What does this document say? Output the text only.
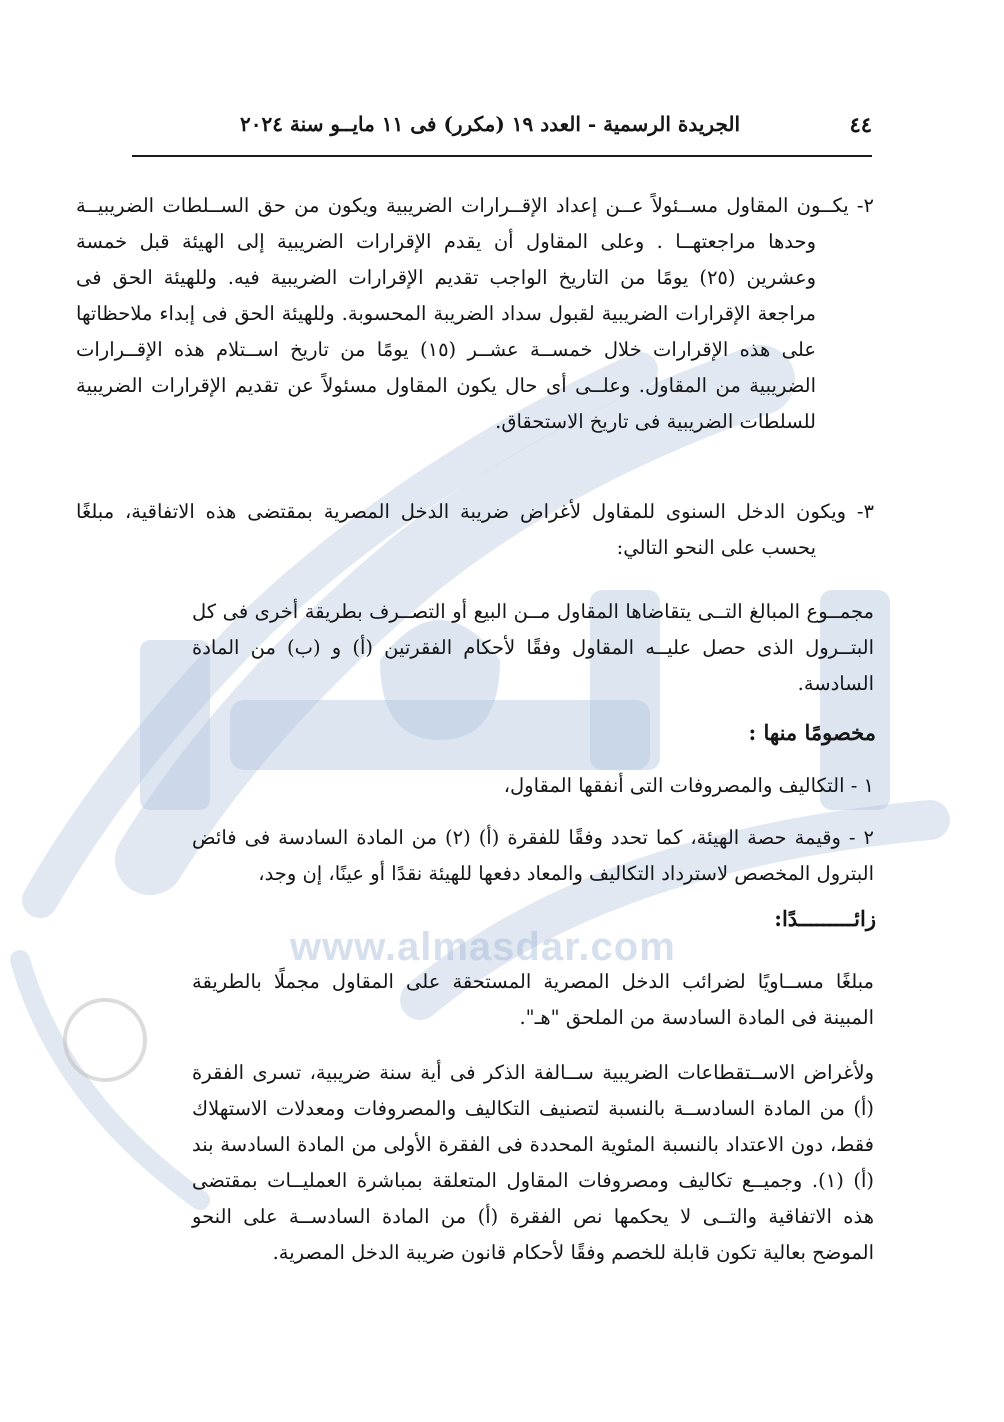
www.almasdar.com
٤٤
الجريدة الرسمية - العدد ١٩ (مكرر) فى ١١ مايــو سنة ٢٠٢٤
٢- يكــون المقاول مســئولاً عــن إعداد الإقــرارات الضريبية ويكون من حق الســلطات الضريبيــة وحدها مراجعتهــا . وعلى المقاول أن يقدم الإقرارات الضريبية إلى الهيئة قبل خمسة وعشرين (٢٥) يومًا من التاريخ الواجب تقديم الإقرارات الضريبية فيه. وللهيئة الحق فى مراجعة الإقرارات الضريبية لقبول سداد الضريبة المحسوبة. وللهيئة الحق فى إبداء ملاحظاتها على هذه الإقرارات خلال خمســة عشــر (١٥) يومًا من تاريخ اســتلام هذه الإقــرارات الضريبية من المقاول. وعلــى أى حال يكون المقاول مسئولاً عن تقديم الإقرارات الضريبية للسلطات الضريبية فى تاريخ الاستحقاق.
٣- ويكون الدخل السنوى للمقاول لأغراض ضريبة الدخل المصرية بمقتضى هذه الاتفاقية، مبلغًا يحسب على النحو التالي:
مجمــوع المبالغ التــى يتقاضاها المقاول مــن البيع أو التصــرف بطريقة أخرى فى كل البتــرول الذى حصل عليــه المقاول وفقًا لأحكام الفقرتين (أ) و (ب) من المادة السادسة.
مخصومًا منها :
١ - التكاليف والمصروفات التى أنفقها المقاول،
٢ - وقيمة حصة الهيئة، كما تحدد وفقًا للفقرة (أ) (٢) من المادة السادسة فى فائض البترول المخصص لاسترداد التكاليف والمعاد دفعها للهيئة نقدًا أو عينًا، إن وجد،
زائـــــــــدًا:
مبلغًا مســاويًا لضرائب الدخل المصرية المستحقة على المقاول مجملًا بالطريقة المبينة فى المادة السادسة من الملحق "هـ".
ولأغراض الاســتقطاعات الضريبية ســالفة الذكر فى أية سنة ضريبية، تسرى الفقرة (أ) من المادة السادســة بالنسبة لتصنيف التكاليف والمصروفات ومعدلات الاستهلاك فقط، دون الاعتداد بالنسبة المئوية المحددة فى الفقرة الأولى من المادة السادسة بند (أ) (١). وجميــع تكاليف ومصروفات المقاول المتعلقة بمباشرة العمليــات بمقتضى هذه الاتفاقية والتــى لا يحكمها نص الفقرة (أ) من المادة السادســة على النحو الموضح بعالية تكون قابلة للخصم وفقًا لأحكام قانون ضريبة الدخل المصرية.
